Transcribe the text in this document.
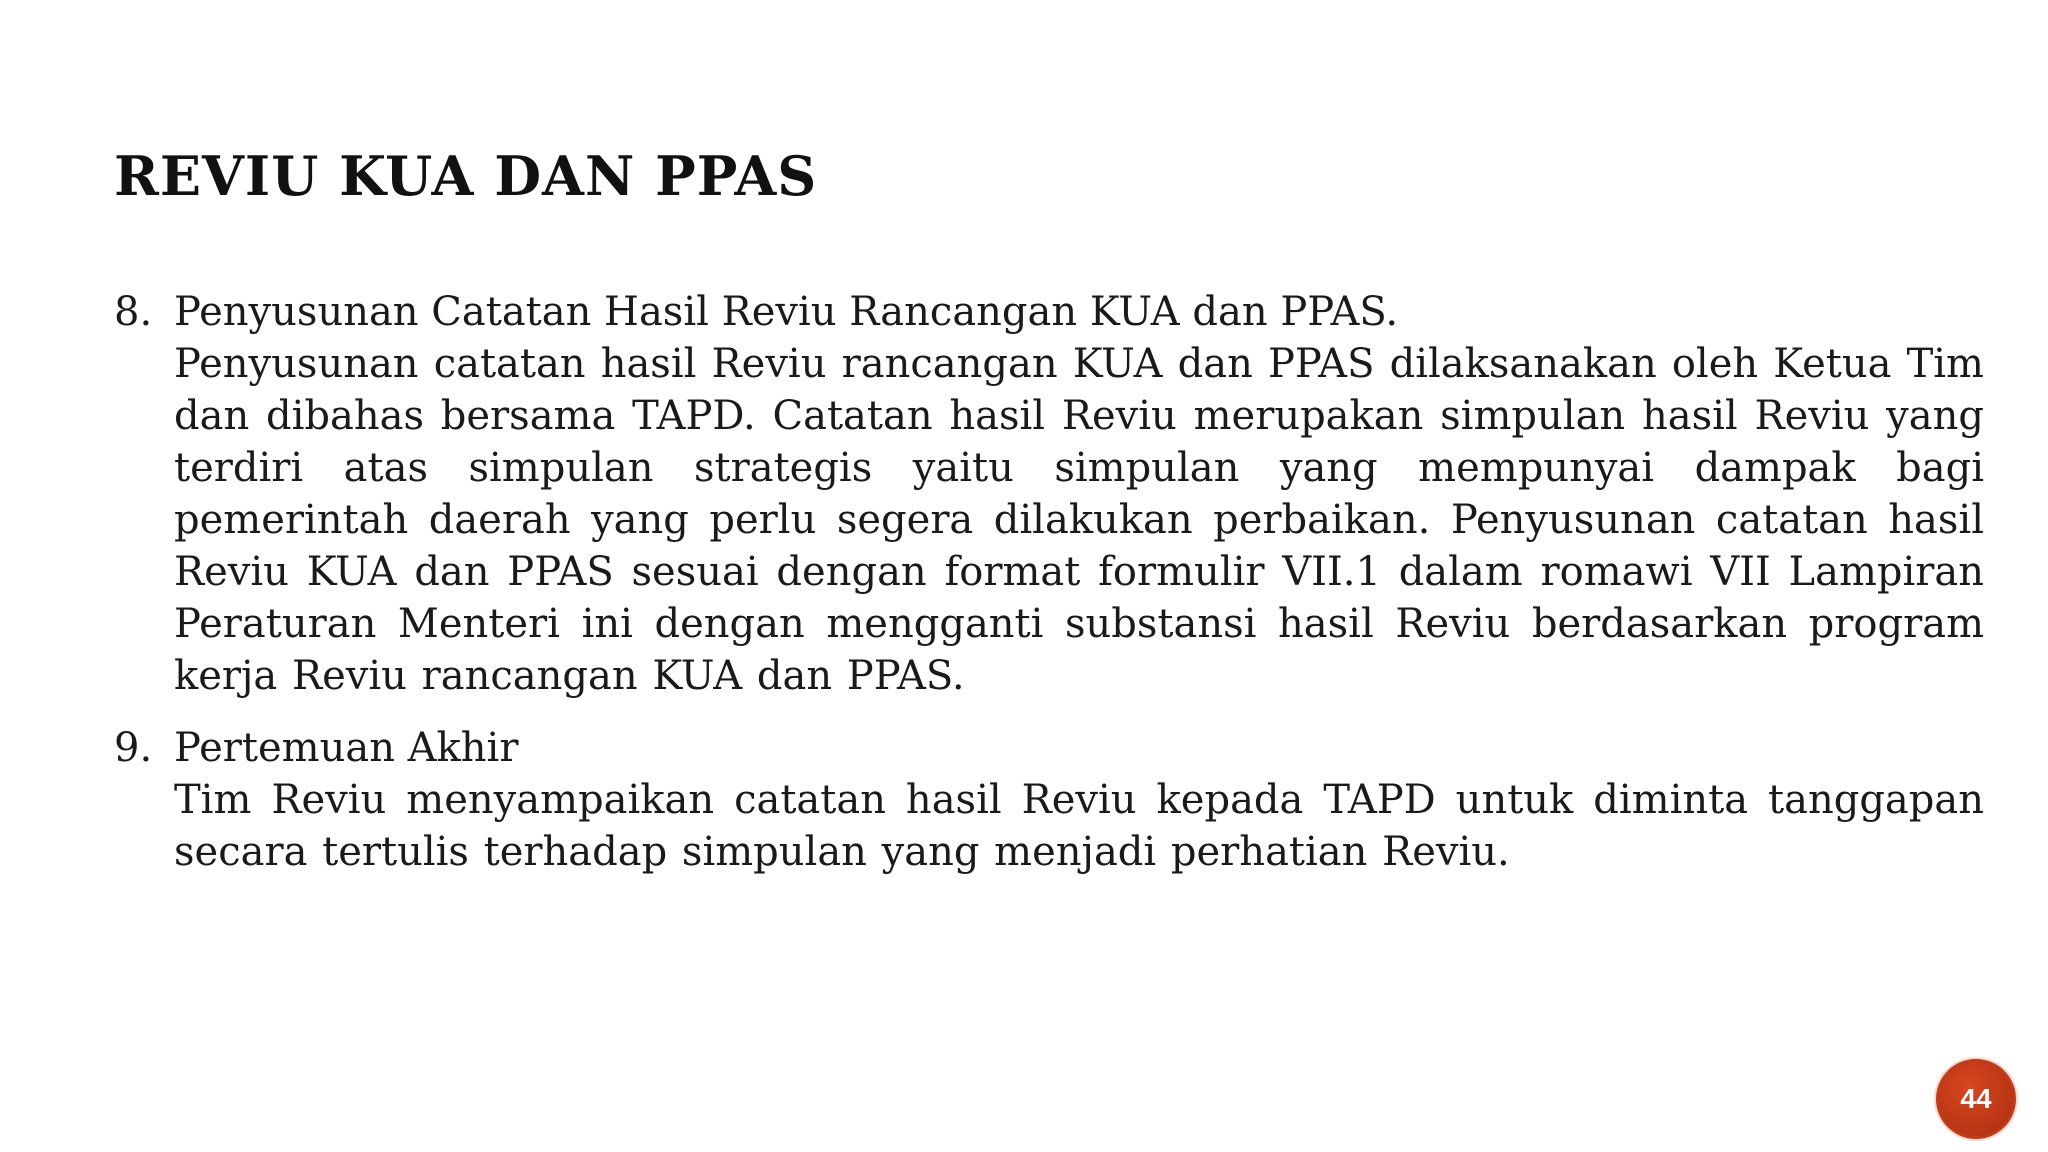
REVIU KUA DAN PPAS
8. Penyusunan Catatan Hasil Reviu Rancangan KUA dan PPAS.
Penyusunan catatan hasil Reviu rancangan KUA dan PPAS dilaksanakan oleh Ketua Tim dan dibahas bersama TAPD. Catatan hasil Reviu merupakan simpulan hasil Reviu yang terdiri atas simpulan strategis yaitu simpulan yang mempunyai dampak bagi pemerintah daerah yang perlu segera dilakukan perbaikan. Penyusunan catatan hasil Reviu KUA dan PPAS sesuai dengan format formulir VII.1 dalam romawi VII Lampiran Peraturan Menteri ini dengan mengganti substansi hasil Reviu berdasarkan program kerja Reviu rancangan KUA dan PPAS.
9. Pertemuan Akhir
Tim Reviu menyampaikan catatan hasil Reviu kepada TAPD untuk diminta tanggapan secara tertulis terhadap simpulan yang menjadi perhatian Reviu.
44
